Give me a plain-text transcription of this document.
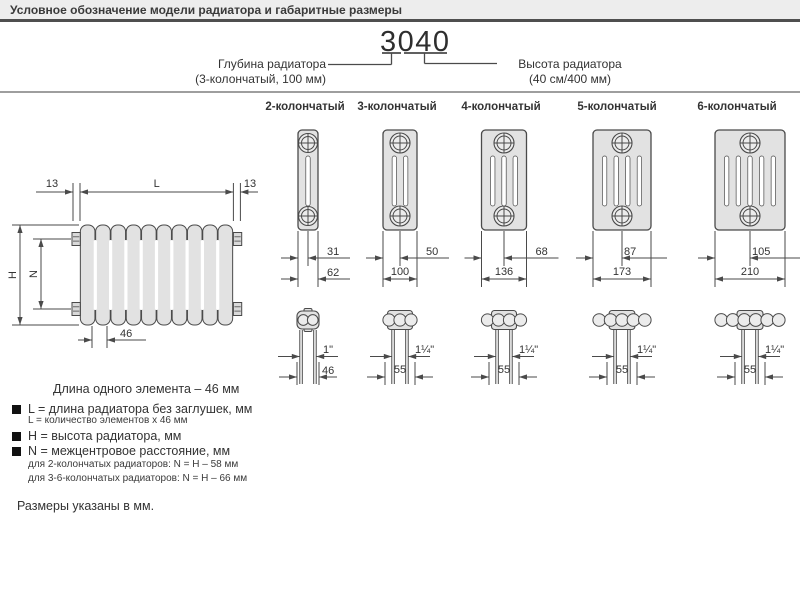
Условное обозначение модели радиатора и габаритные размеры
3040
Глубина радиатора
(3-колончатый, 100 мм)
Высота радиатора
(40 см/400 мм)
2-колончатый
31
62
1"
46
3-колончатый
50
100
1¼"
55
4-колончатый
68
136
1¼"
55
5-колончатый
87
173
1¼"
55
6-колончатый
105
210
1¼"
55
L
13	13
H N
46
Длина одного элемента – 46 мм
L = длина радиатора без заглушек, мм
L = количество элементов х 46 мм
H = высота радиатора, мм
N = межцентровое расстояние, мм
для 2-колончатых радиаторов: N = H – 58 мм
для 3-6-колончатых радиаторов: N = H – 66 мм
Размеры указаны в мм.
